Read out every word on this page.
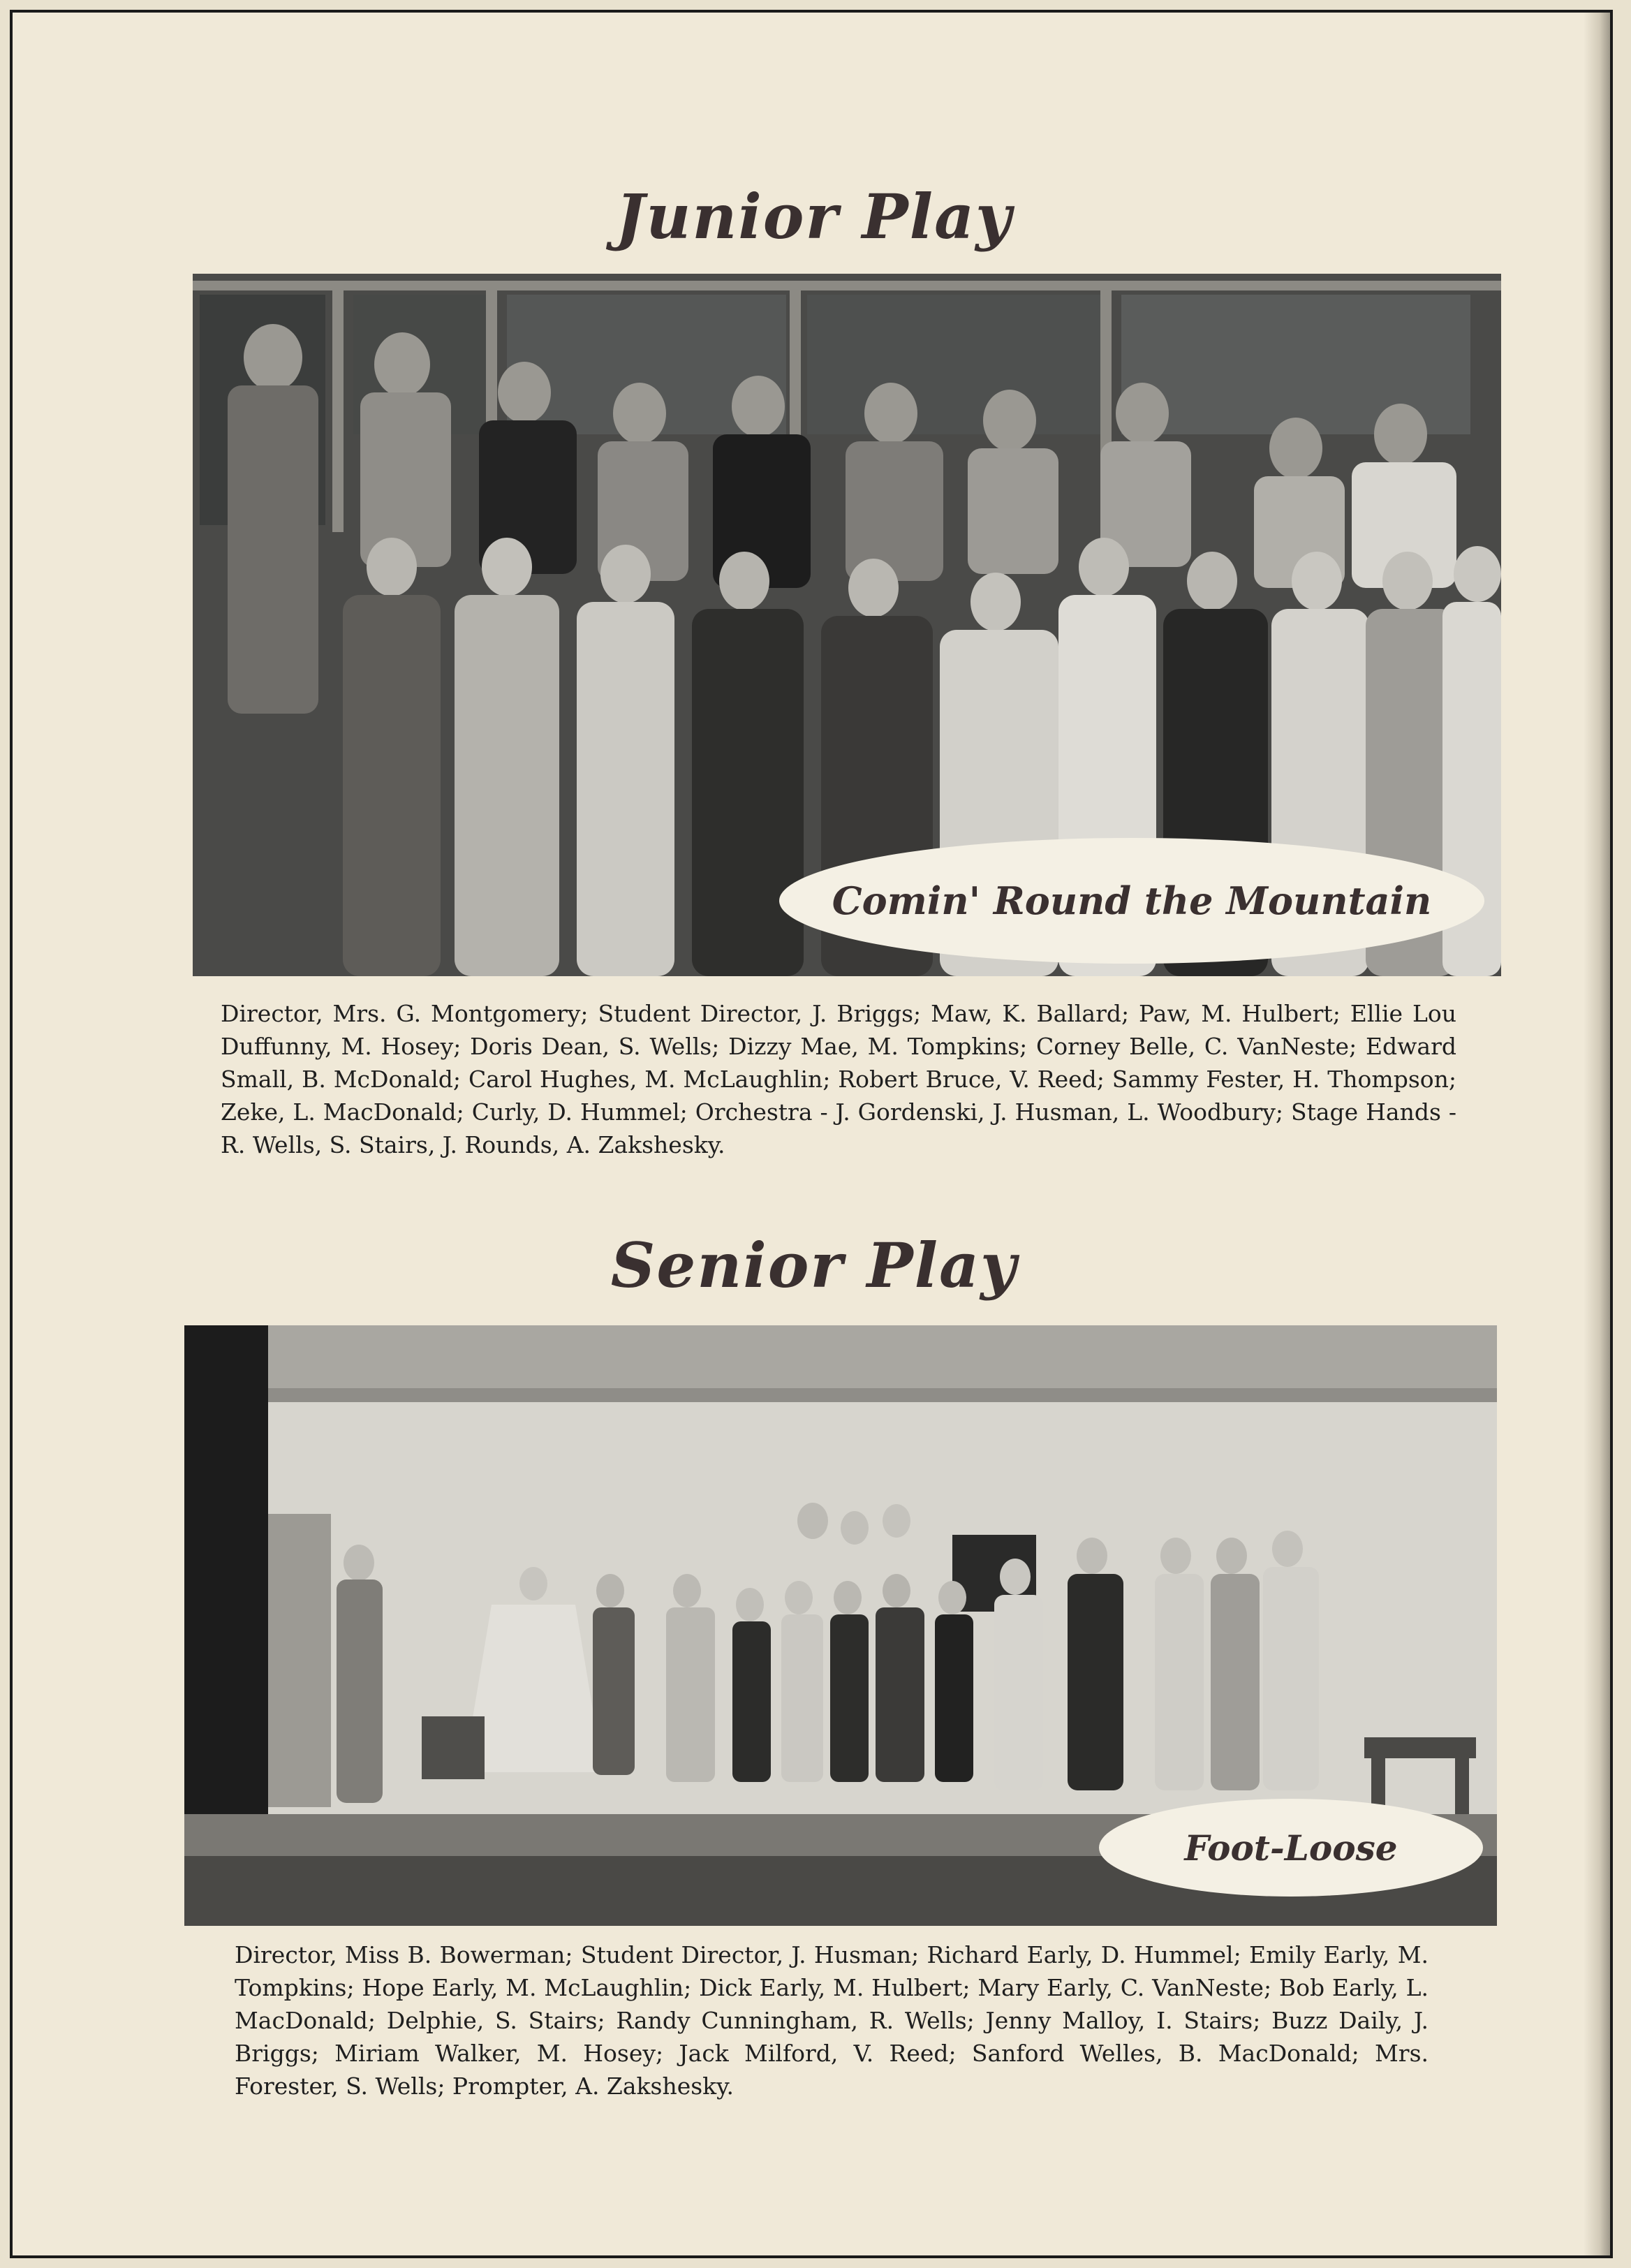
Junior Play
Comin' Round the Mountain
Director, Mrs. G. Montgomery; Student Director, J. Briggs; Maw, K. Ballard; Paw, M. Hulbert; Ellie Lou Duffunny, M. Hosey; Doris Dean, S. Wells; Dizzy Mae, M. Tompkins; Corney Belle, C. VanNeste; Edward Small, B. McDonald; Carol Hughes, M. McLaughlin; Robert Bruce, V. Reed; Sammy Fester, H. Thompson; Zeke, L. MacDonald; Curly, D. Hummel; Orchestra - J. Gordenski, J. Husman, L. Woodbury; Stage Hands - R. Wells, S. Stairs, J. Rounds, A. Zakshesky.
Senior Play
Foot-Loose
Director, Miss B. Bowerman; Student Director, J. Husman; Richard Early, D. Hummel; Emily Early, M. Tompkins; Hope Early, M. McLaughlin; Dick Early, M. Hulbert; Mary Early, C. VanNeste; Bob Early, L. MacDonald; Delphie, S. Stairs; Randy Cunningham, R. Wells; Jenny Malloy, I. Stairs; Buzz Daily, J. Briggs; Miriam Walker, M. Hosey; Jack Milford, V. Reed; Sanford Welles, B. MacDonald; Mrs. Forester, S. Wells; Prompter, A. Zakshesky.
